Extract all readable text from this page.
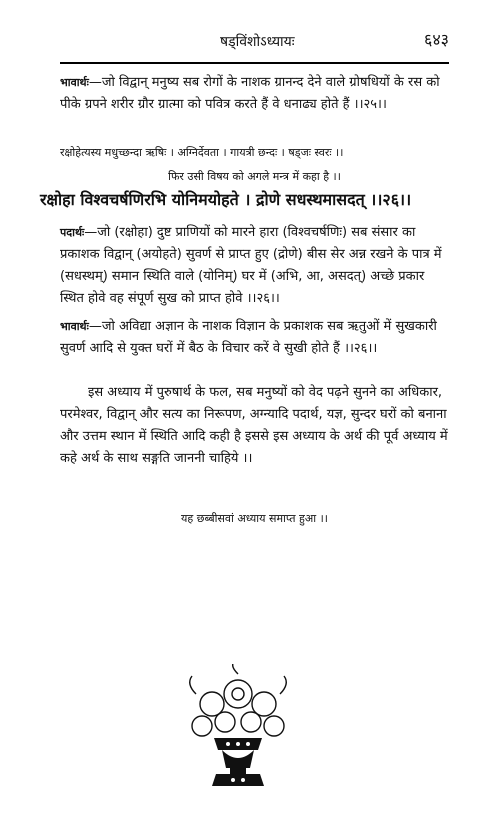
षड्विंशोऽध्यायः	६४३
भावार्थः—जो विद्वान् मनुष्य सब रोगों के नाशक ग्रानन्द देने वाले ग्रोषधियों के रस को पीके ग्रपने शरीर ग्रौर ग्रात्मा को पवित्र करते हैं वे धनाढ्य होते हैं ।।२५।।
रक्षोहेत्यस्य मधुच्छन्दा ऋषिः । अग्निर्देवता । गायत्री छन्दः । षड्जः स्वरः ।।
फिर उसी विषय को अगले मन्त्र में कहा है ।।
रक्षोहा विश्वचर्षणिरभि योनिमयोहते । द्रोणे सधस्थमासदत् ।।२६।।
पदार्थः—जो (रक्षोहा) दुष्ट प्राणियों को मारने हारा (विश्वचर्षणिः) सब संसार का प्रकाशक विद्वान् (अयोहते) सुवर्ण से प्राप्त हुए (द्रोणे) बीस सेर अन्न रखने के पात्र में (सधस्थम्) समान स्थिति वाले (योनिम्) घर में (अभि, आ, असदत्) अच्छे प्रकार स्थित होवे वह संपूर्ण सुख को प्राप्त होवे ।।२६।।
भावार्थः—जो अविद्या अज्ञान के नाशक विज्ञान के प्रकाशक सब ऋतुओं में सुखकारी सुवर्ण आदि से युक्त घरों में बैठ के विचार करें वे सुखी होते हैं ।।२६।।
इस अध्याय में पुरुषार्थ के फल, सब मनुष्यों को वेद पढ़ने सुनने का अधिकार, परमेश्वर, विद्वान् और सत्य का निरूपण, अग्न्यादि पदार्थ, यज्ञ, सुन्दर घरों को बनाना और उत्तम स्थान में स्थिति आदि कही है इससे इस अध्याय के अर्थ की पूर्व अध्याय में कहे अर्थ के साथ सङ्गति जाननी चाहिये ।।
यह छब्बीसवां अध्याय समाप्त हुआ ।।
